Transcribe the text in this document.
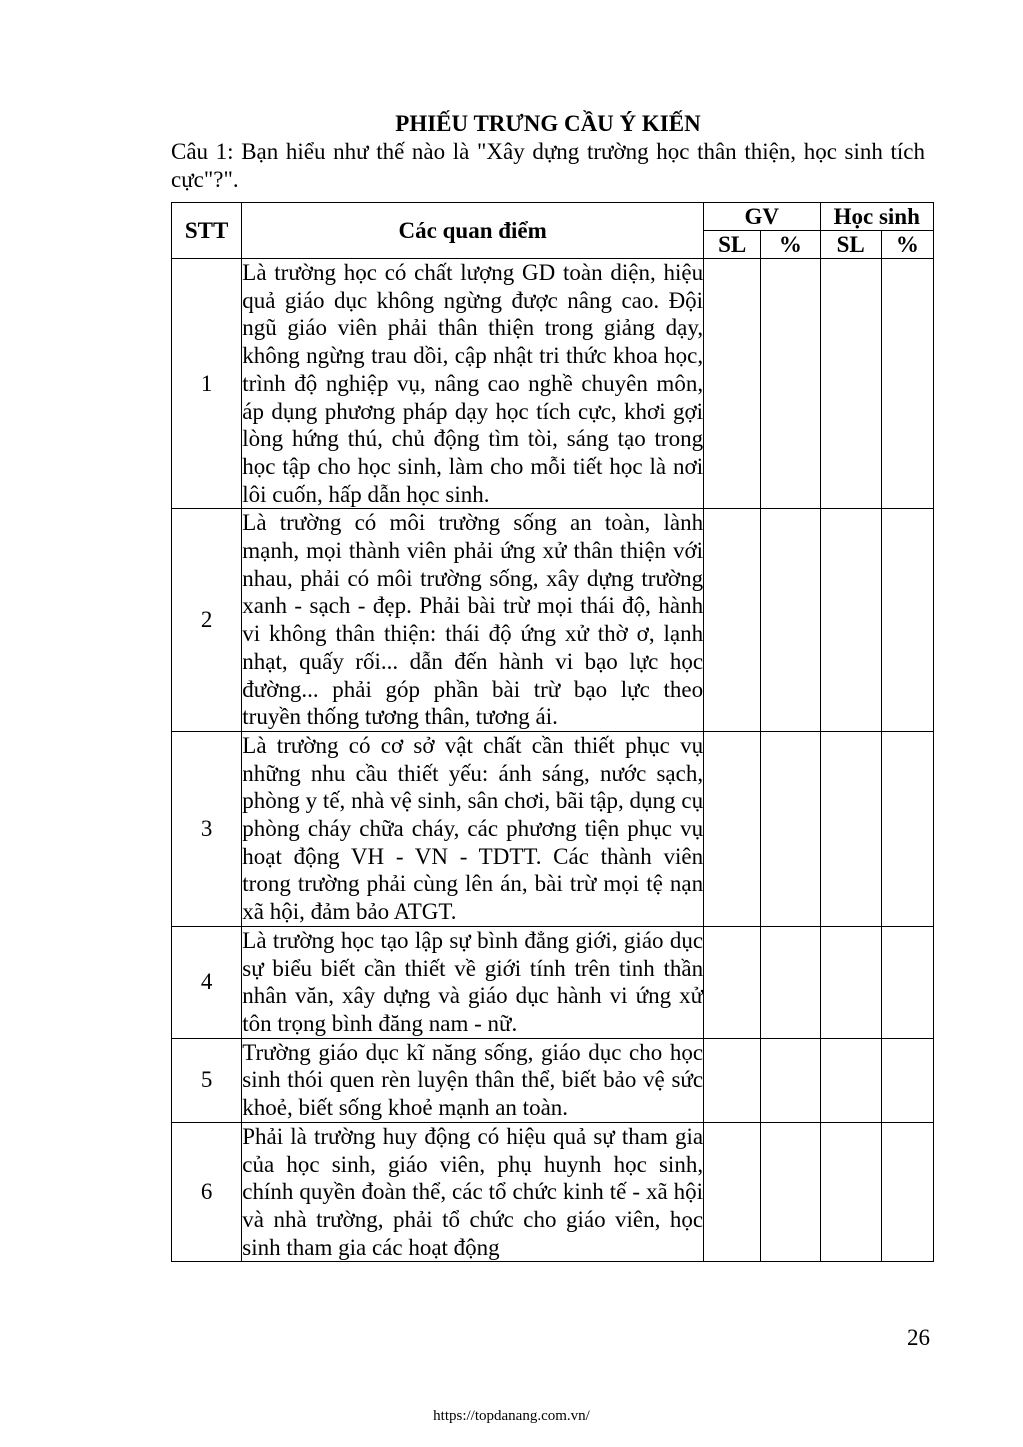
PHIẾU TRƯNG CẦU Ý KIẾN
Câu 1: Bạn hiểu như thế nào là "Xây dựng trường học thân thiện, học sinh tích cực"?".
STT	Các quan điểm	GV		Học sinh	
		SL	%	SL	%
1	Là trường học có chất lượng GD toàn diện, hiệu quả giáo dục không ngừng được nâng cao. Đội ngũ giáo viên phải thân thiện trong giảng dạy, không ngừng trau dồi, cập nhật tri thức khoa học, trình độ nghiệp vụ, nâng cao nghề chuyên môn, áp dụng phương pháp dạy học tích cực, khơi gợi lòng hứng thú, chủ động tìm tòi, sáng tạo trong học tập cho học sinh, làm cho mỗi tiết học là nơi lôi cuốn, hấp dẫn học sinh.				
2	Là trường có môi trường sống an toàn, lành mạnh, mọi thành viên phải ứng xử thân thiện với nhau, phải có môi trường sống, xây dựng trường xanh - sạch - đẹp. Phải bài trừ mọi thái độ, hành vi không thân thiện: thái độ ứng xử thờ ơ, lạnh nhạt, quấy rối... dẫn đến hành vi bạo lực học đường... phải góp phần bài trừ bạo lực theo truyền thống tương thân, tương ái.				
3	Là trường có cơ sở vật chất cần thiết phục vụ những nhu cầu thiết yếu: ánh sáng, nước sạch, phòng y tế, nhà vệ sinh, sân chơi, bãi tập, dụng cụ phòng cháy chữa cháy, các phương tiện phục vụ hoạt động VH - VN - TDTT. Các thành viên trong trường phải cùng lên án, bài trừ mọi tệ nạn xã hội, đảm bảo ATGT.				
4	Là trường học tạo lập sự bình đẳng giới, giáo dục sự biểu biết cần thiết về giới tính trên tinh thần nhân văn, xây dựng và giáo dục hành vi ứng xử tôn trọng bình đăng nam - nữ.				
5	Trường giáo dục kĩ năng sống, giáo dục cho học sinh thói quen rèn luyện thân thể, biết bảo vệ sức khoẻ, biết sống khoẻ mạnh an toàn.				
6	Phải là trường huy động có hiệu quả sự tham gia của học sinh, giáo viên, phụ huynh học sinh, chính quyền đoàn thể, các tổ chức kinh tế - xã hội và nhà trường, phải tổ chức cho giáo viên, học sinh tham gia các hoạt động				
26
https://topdanang.com.vn/
